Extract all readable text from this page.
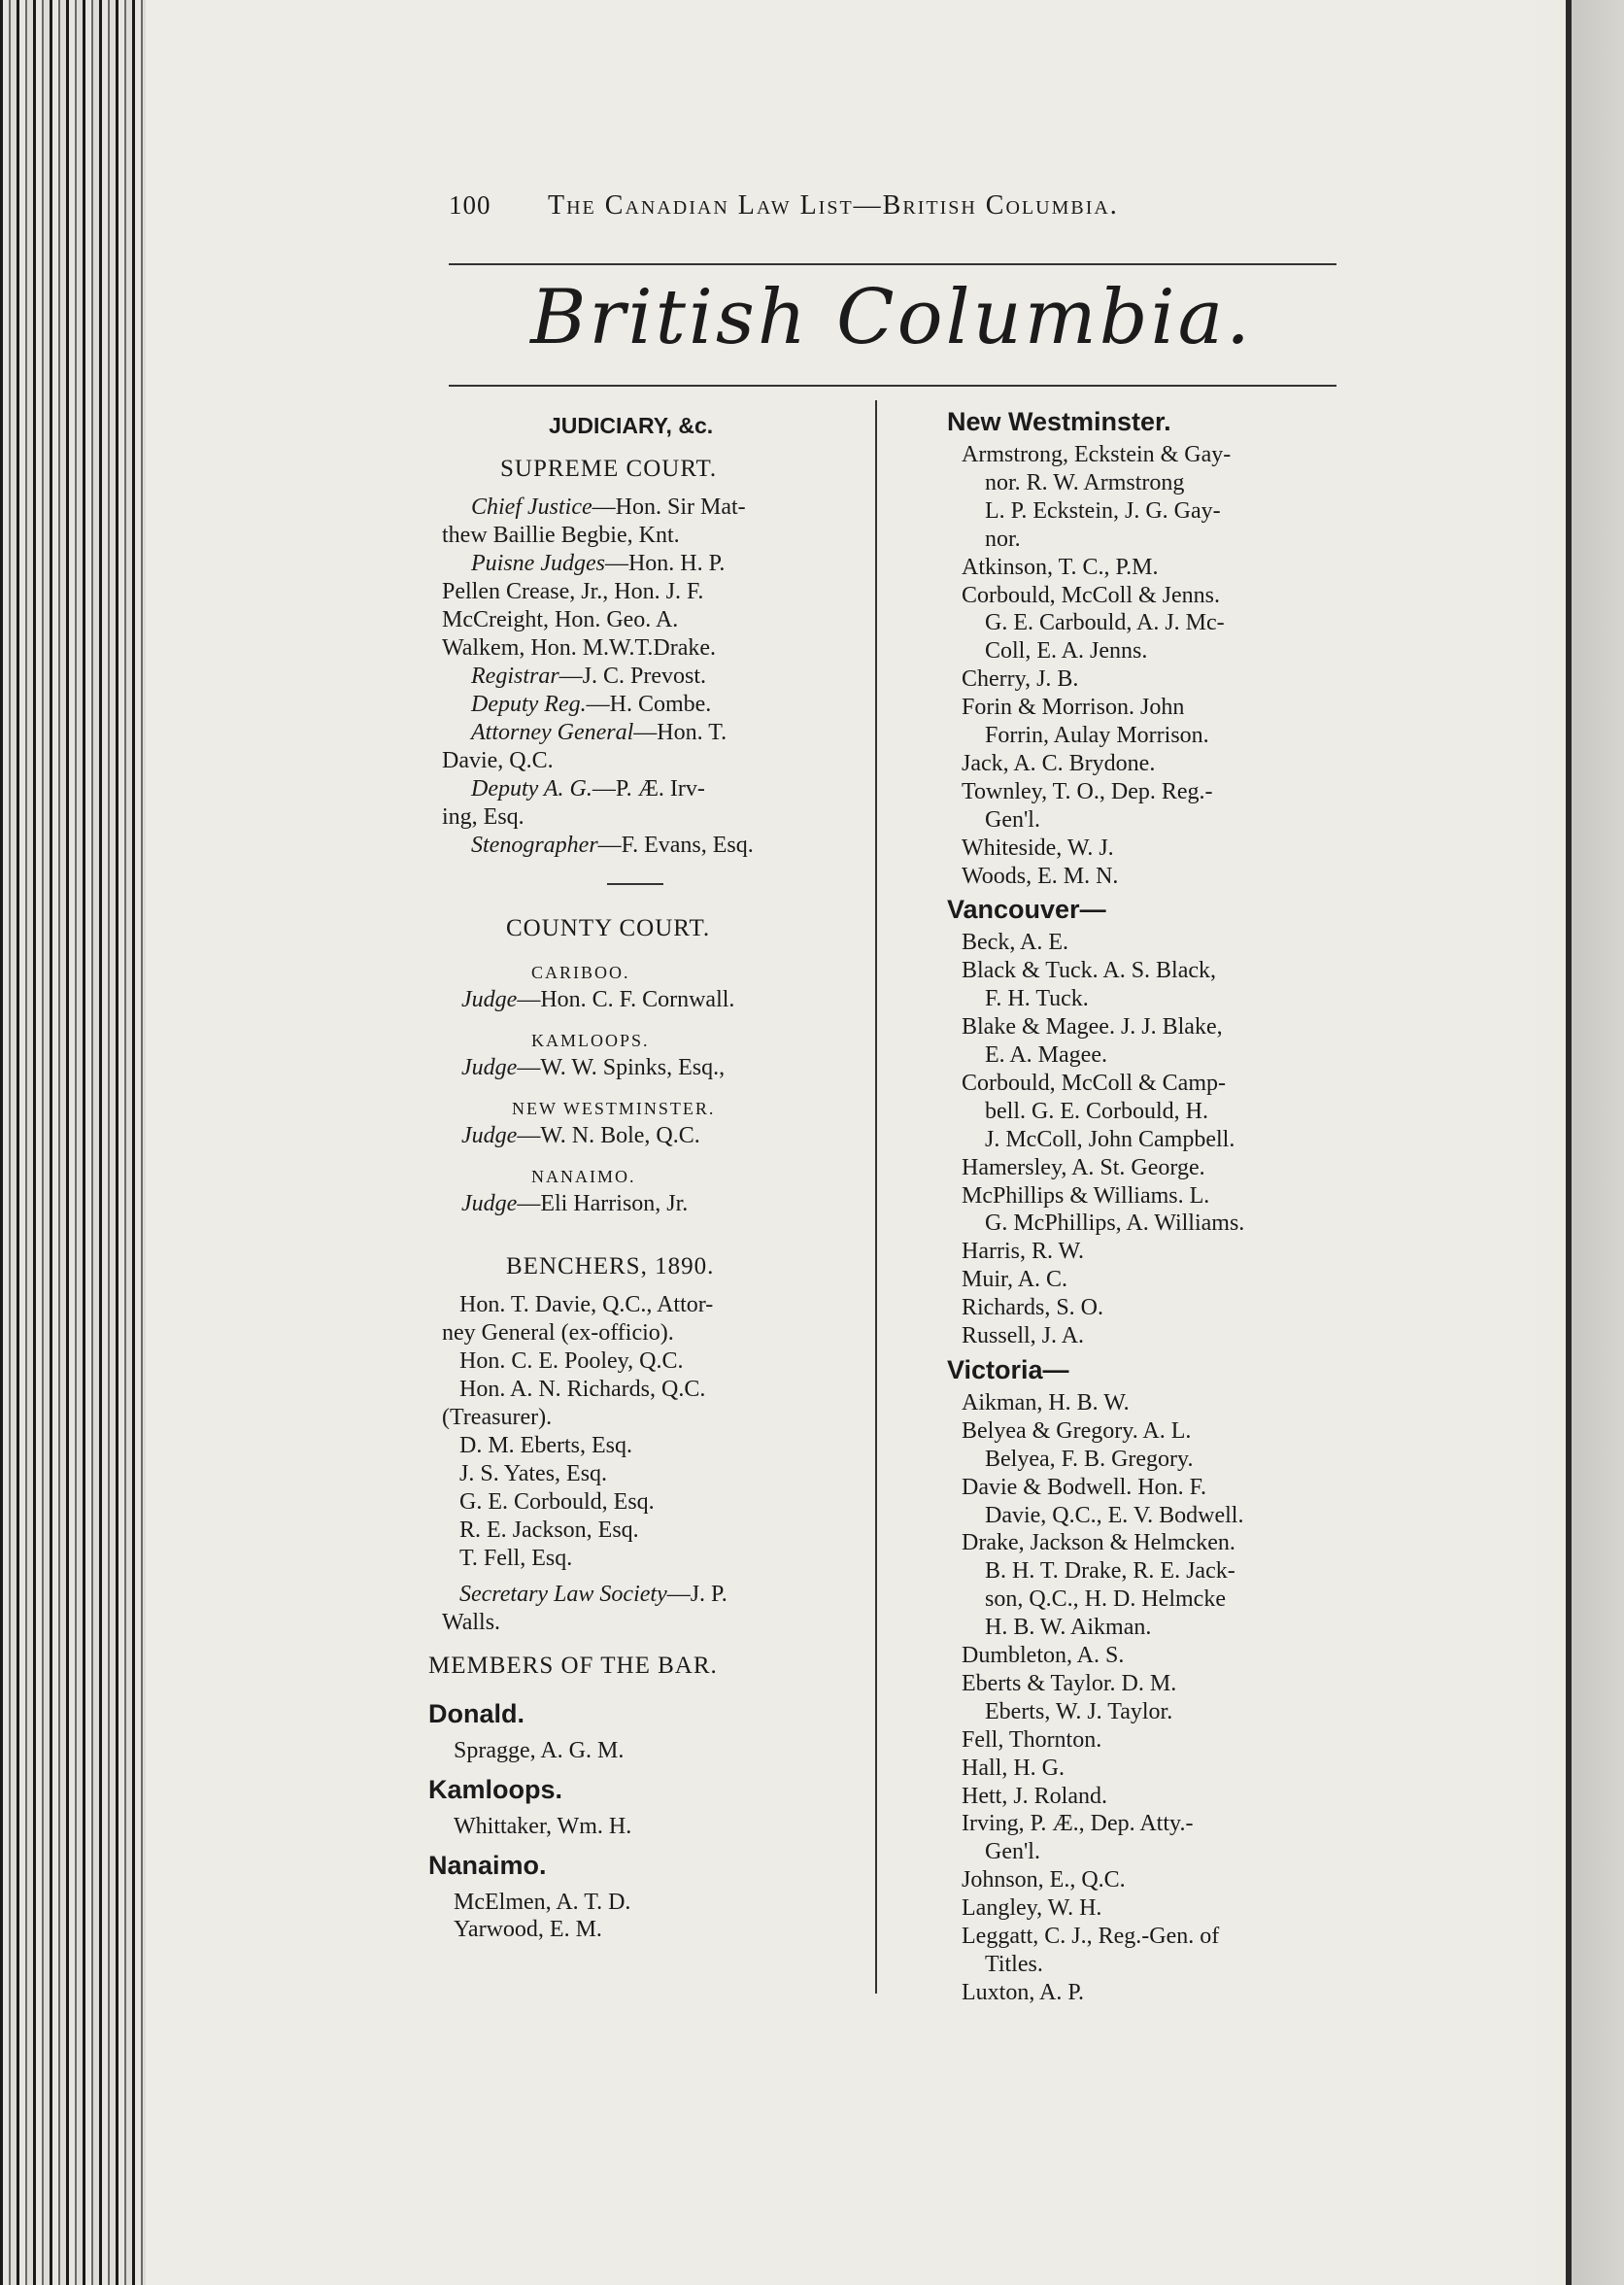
100 The Canadian Law List—British Columbia.
British Columbia.
JUDICIARY, &c.
SUPREME COURT.
Chief Justice—Hon. Sir Mat-
thew Baillie Begbie, Knt.
Puisne Judges—Hon. H. P.
Pellen Crease, Jr., Hon. J. F.
McCreight, Hon. Geo. A.
Walkem, Hon. M.W.T.Drake.
Registrar—J. C. Prevost.
Deputy Reg.—H. Combe.
Attorney General—Hon. T.
Davie, Q.C.
Deputy A. G.—P. Æ. Irv-
ing, Esq.
Stenographer—F. Evans, Esq.
COUNTY COURT.
CARIBOO.
Judge—Hon. C. F. Cornwall.
KAMLOOPS.
Judge—W. W. Spinks, Esq.,
NEW WESTMINSTER.
Judge—W. N. Bole, Q.C.
NANAIMO.
Judge—Eli Harrison, Jr.
BENCHERS, 1890.
Hon. T. Davie, Q.C., Attor-
ney General (ex-officio).
Hon. C. E. Pooley, Q.C.
Hon. A. N. Richards, Q.C.
(Treasurer).
D. M. Eberts, Esq.
J. S. Yates, Esq.
G. E. Corbould, Esq.
R. E. Jackson, Esq.
T. Fell, Esq.
Secretary Law Society—J. P.
Walls.
MEMBERS OF THE BAR.
Donald.
Spragge, A. G. M.
Kamloops.
Whittaker, Wm. H.
Nanaimo.
McElmen, A. T. D.
Yarwood, E. M.
New Westminster.
Armstrong, Eckstein & Gay-
nor. R. W. Armstrong
L. P. Eckstein, J. G. Gay-
nor.
Atkinson, T. C., P.M.
Corbould, McColl & Jenns.
G. E. Carbould, A. J. Mc-
Coll, E. A. Jenns.
Cherry, J. B.
Forin & Morrison. John
Forrin, Aulay Morrison.
Jack, A. C. Brydone.
Townley, T. O., Dep. Reg.-
Gen'l.
Whiteside, W. J.
Woods, E. M. N.
Vancouver—
Beck, A. E.
Black & Tuck. A. S. Black,
F. H. Tuck.
Blake & Magee. J. J. Blake,
E. A. Magee.
Corbould, McColl & Camp-
bell. G. E. Corbould, H.
J. McColl, John Campbell.
Hamersley, A. St. George.
McPhillips & Williams. L.
G. McPhillips, A. Williams.
Harris, R. W.
Muir, A. C.
Richards, S. O.
Russell, J. A.
Victoria—
Aikman, H. B. W.
Belyea & Gregory. A. L.
Belyea, F. B. Gregory.
Davie & Bodwell. Hon. F.
Davie, Q.C., E. V. Bodwell.
Drake, Jackson & Helmcken.
B. H. T. Drake, R. E. Jack-
son, Q.C., H. D. Helmcke
H. B. W. Aikman.
Dumbleton, A. S.
Eberts & Taylor. D. M.
Eberts, W. J. Taylor.
Fell, Thornton.
Hall, H. G.
Hett, J. Roland.
Irving, P. Æ., Dep. Atty.-
Gen'l.
Johnson, E., Q.C.
Langley, W. H.
Leggatt, C. J., Reg.-Gen. of
Titles.
Luxton, A. P.
